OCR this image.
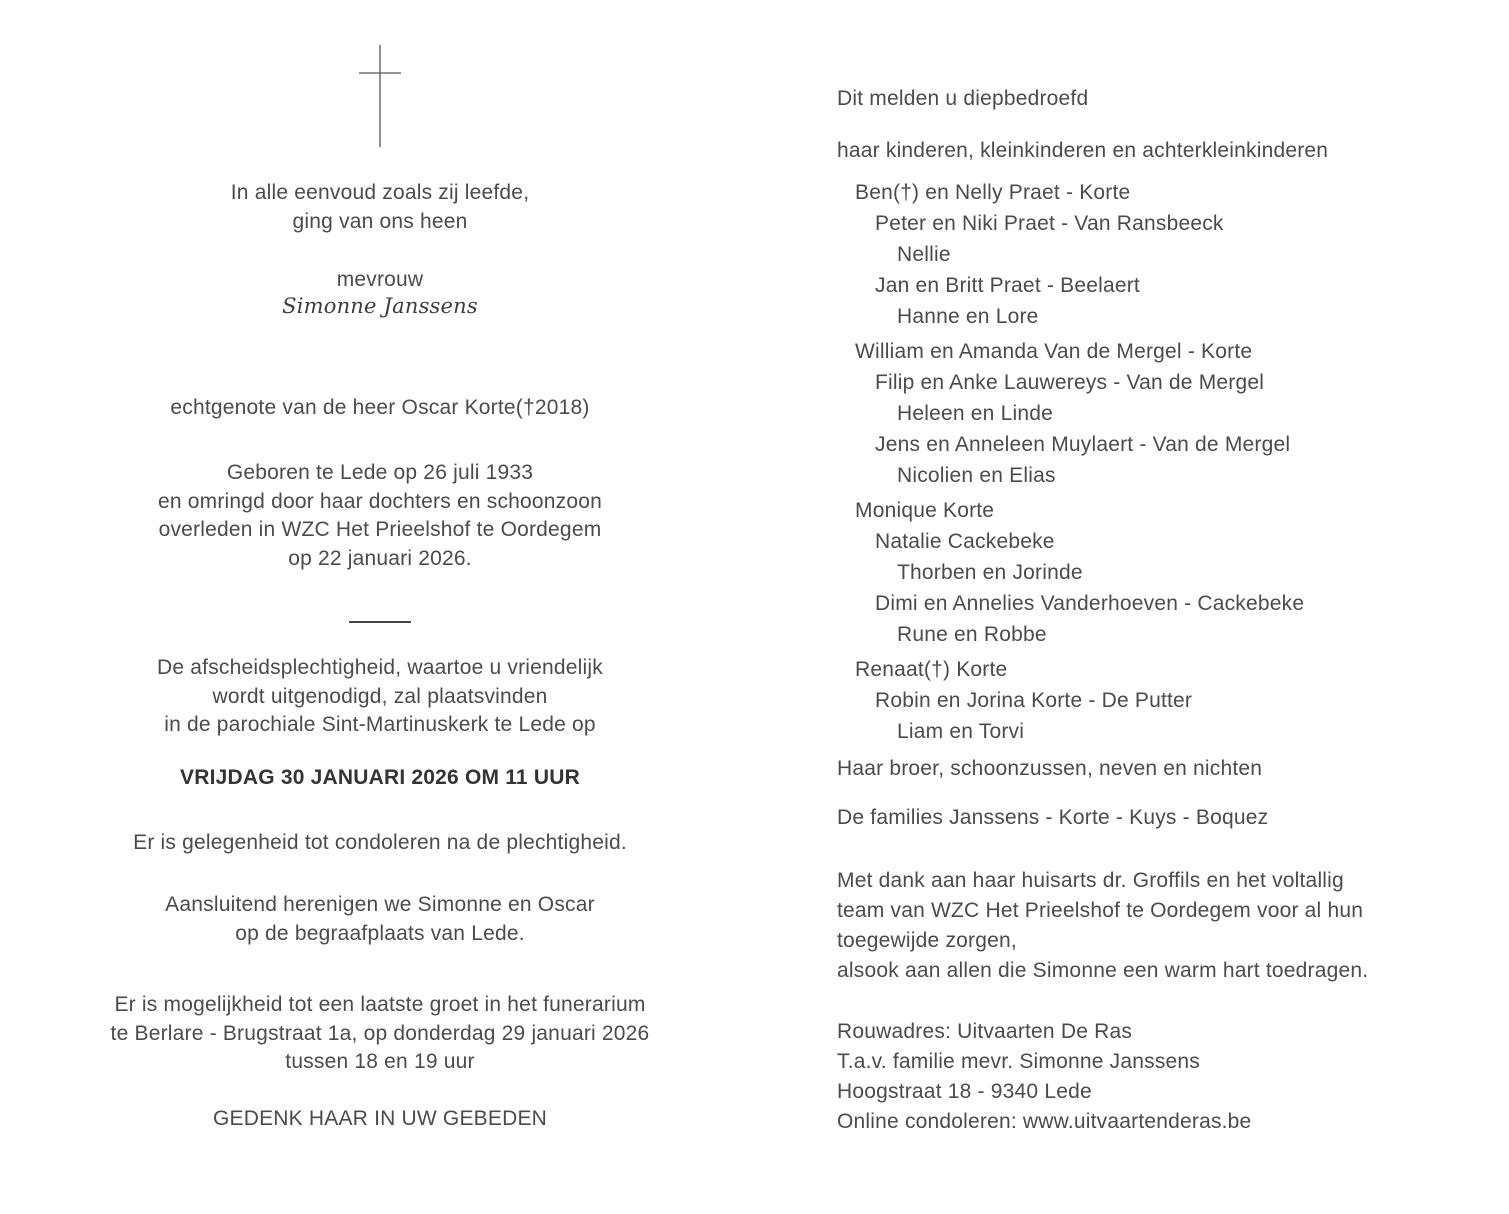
In alle eenvoud zoals zij leefde,
ging van ons heen
mevrouw
Simonne Janssens
echtgenote van de heer Oscar Korte(†2018)
Geboren te Lede op 26 juli 1933
en omringd door haar dochters en schoonzoon
overleden in WZC Het Prieelshof te Oordegem
op 22 januari 2026.
De afscheidsplechtigheid, waartoe u vriendelijk
wordt uitgenodigd, zal plaatsvinden
in de parochiale Sint-Martinuskerk te Lede op
VRIJDAG 30 JANUARI 2026 OM 11 UUR
Er is gelegenheid tot condoleren na de plechtigheid.
Aansluitend herenigen we Simonne en Oscar
op de begraafplaats van Lede.
Er is mogelijkheid tot een laatste groet in het funerarium
te Berlare - Brugstraat 1a, op donderdag 29 januari 2026
tussen 18 en 19 uur
GEDENK HAAR IN UW GEBEDEN
Dit melden u diepbedroefd
haar kinderen, kleinkinderen en achterkleinkinderen
Ben(†) en Nelly Praet - Korte
Peter en Niki Praet - Van Ransbeeck
Nellie
Jan en Britt Praet - Beelaert
Hanne en Lore
William en Amanda Van de Mergel - Korte
Filip en Anke Lauwereys - Van de Mergel
Heleen en Linde
Jens en Anneleen Muylaert - Van de Mergel
Nicolien en Elias
Monique Korte
Natalie Cackebeke
Thorben en Jorinde
Dimi en Annelies Vanderhoeven - Cackebeke
Rune en Robbe
Renaat(†) Korte
Robin en Jorina Korte - De Putter
Liam en Torvi
Haar broer, schoonzussen, neven en nichten
De families Janssens - Korte - Kuys - Boquez
Met dank aan haar huisarts dr. Groffils en het voltallig
team van WZC Het Prieelshof te Oordegem voor al hun
toegewijde zorgen,
alsook aan allen die Simonne een warm hart toedragen.
Rouwadres: Uitvaarten De Ras
T.a.v. familie mevr. Simonne Janssens
Hoogstraat 18 - 9340 Lede
Online condoleren: www.uitvaartenderas.be
